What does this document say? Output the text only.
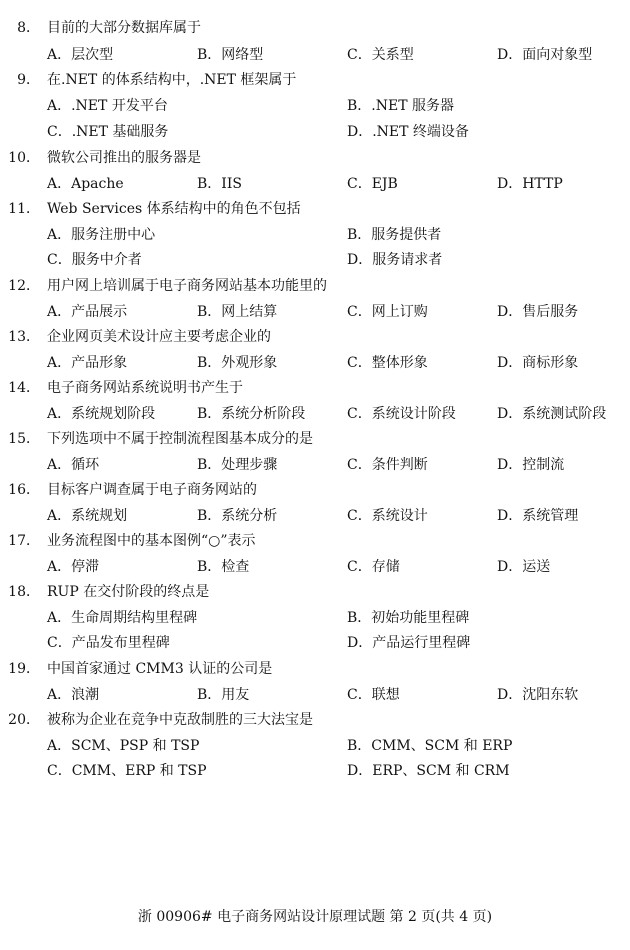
8． 目前的大部分数据库属于
A．层次型	B．网络型	C．关系型	D．面向对象型
9． 在.NET 的体系结构中，.NET 框架属于
A．.NET 开发平台	B．.NET 服务器
C．.NET 基础服务	D．.NET 终端设备
10． 微软公司推出的服务器是
A．Apache	B．IIS	C．EJB	D．HTTP
11． Web Services 体系结构中的角色不包括
A．服务注册中心	B．服务提供者
C．服务中介者	D．服务请求者
12． 用户网上培训属于电子商务网站基本功能里的
A．产品展示	B．网上结算	C．网上订购	D．售后服务
13． 企业网页美术设计应主要考虑企业的
A．产品形象	B．外观形象	C．整体形象	D．商标形象
14． 电子商务网站系统说明书产生于
A．系统规划阶段	B．系统分析阶段	C．系统设计阶段	D．系统测试阶段
15． 下列选项中不属于控制流程图基本成分的是
A．循环	B．处理步骤	C．条件判断	D．控制流
16． 目标客户调查属于电子商务网站的
A．系统规划	B．系统分析	C．系统设计	D．系统管理
17． 业务流程图中的基本图例“○”表示
A．停滞	B．检查	C．存储	D．运送
18． RUP 在交付阶段的终点是
A．生命周期结构里程碑	B．初始功能里程碑
C．产品发布里程碑	D．产品运行里程碑
19． 中国首家通过 CMM3 认证的公司是
A．浪潮	B．用友	C．联想	D．沈阳东软
20． 被称为企业在竞争中克敌制胜的三大法宝是
A．SCM、PSP 和 TSP	B．CMM、SCM 和 ERP
C．CMM、ERP 和 TSP	D．ERP、SCM 和 CRM
浙 00906# 电子商务网站设计原理试题 第 2 页(共 4 页)
